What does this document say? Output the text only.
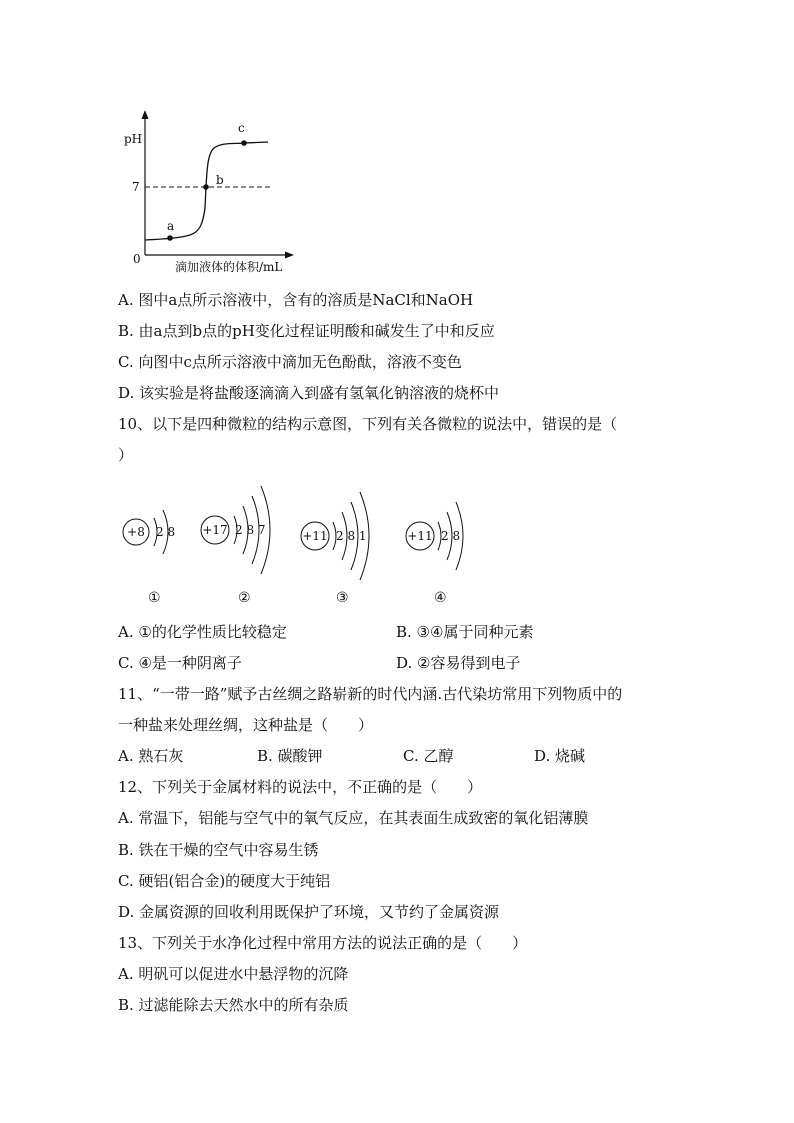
pH
7
0
滴加液体的体积/mL
a
b
c
A. 图中a点所示溶液中，含有的溶质是NaCl和NaOH
B. 由a点到b点的pH变化过程证明酸和碱发生了中和反应
C. 向图中c点所示溶液中滴加无色酚酞，溶液不变色
D. 该实验是将盐酸逐滴滴入到盛有氢氧化钠溶液的烧杯中
10、以下是四种微粒的结构示意图，下列有关各微粒的说法中，错误的是（
）
+8 2 8
①
+17 2 8 7
②
+11 2 8 1
③
+11 2 8
④
A. ①的化学性质比较稳定	B. ③④属于同种元素
C. ④是一种阴离子	D. ②容易得到电子
11、“一带一路”赋予古丝绸之路崭新的时代内涵.古代染坊常用下列物质中的
一种盐来处理丝绸，这种盐是（　　）
A. 熟石灰	B. 碳酸钾	C. 乙醇	D. 烧碱
12、下列关于金属材料的说法中，不正确的是（　　）
A. 常温下，铝能与空气中的氧气反应，在其表面生成致密的氧化铝薄膜
B. 铁在干燥的空气中容易生锈
C. 硬铝(铝合金)的硬度大于纯铝
D. 金属资源的回收利用既保护了环境，又节约了金属资源
13、下列关于水净化过程中常用方法的说法正确的是（　　）
A. 明矾可以促进水中悬浮物的沉降
B. 过滤能除去天然水中的所有杂质
